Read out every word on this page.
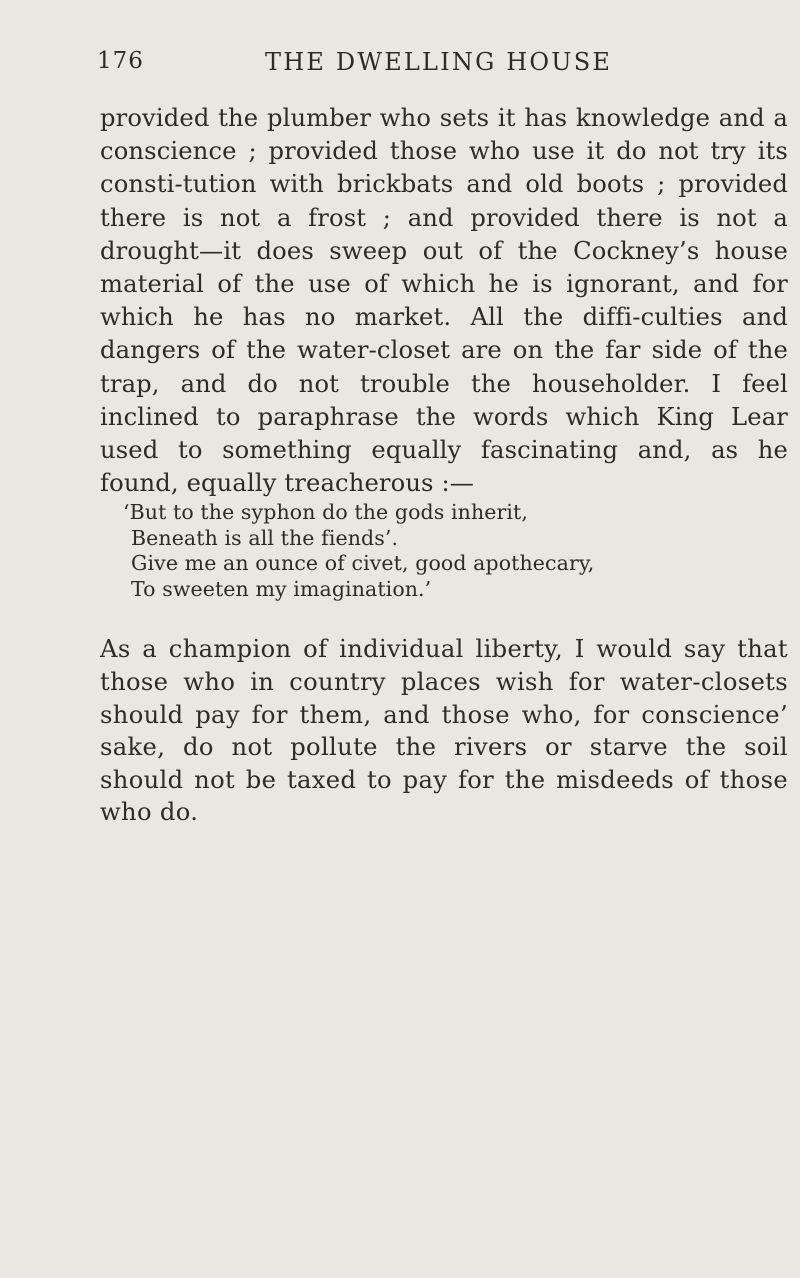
176	THE DWELLING HOUSE

provided the plumber who sets it has knowledge and a conscience ; provided those who use it do not try its consti-tution with brickbats and old boots ; provided there is not a frost ; and provided there is not a drought—it does sweep out of the Cockney’s house material of the use of which he is ignorant, and for which he has no market. All the diffi-culties and dangers of the water-closet are on the far side of the trap, and do not trouble the householder. I feel inclined to paraphrase the words which King Lear used to something equally fascinating and, as he found, equally treacherous :—

‘But to the syphon do the gods inherit,
Beneath is all the fiends’.
Give me an ounce of civet, good apothecary,
To sweeten my imagination.’

As a champion of individual liberty, I would say that those who in country places wish for water-closets should pay for them, and those who, for conscience’ sake, do not pollute the rivers or starve the soil should not be taxed to pay for the misdeeds of those who do.
